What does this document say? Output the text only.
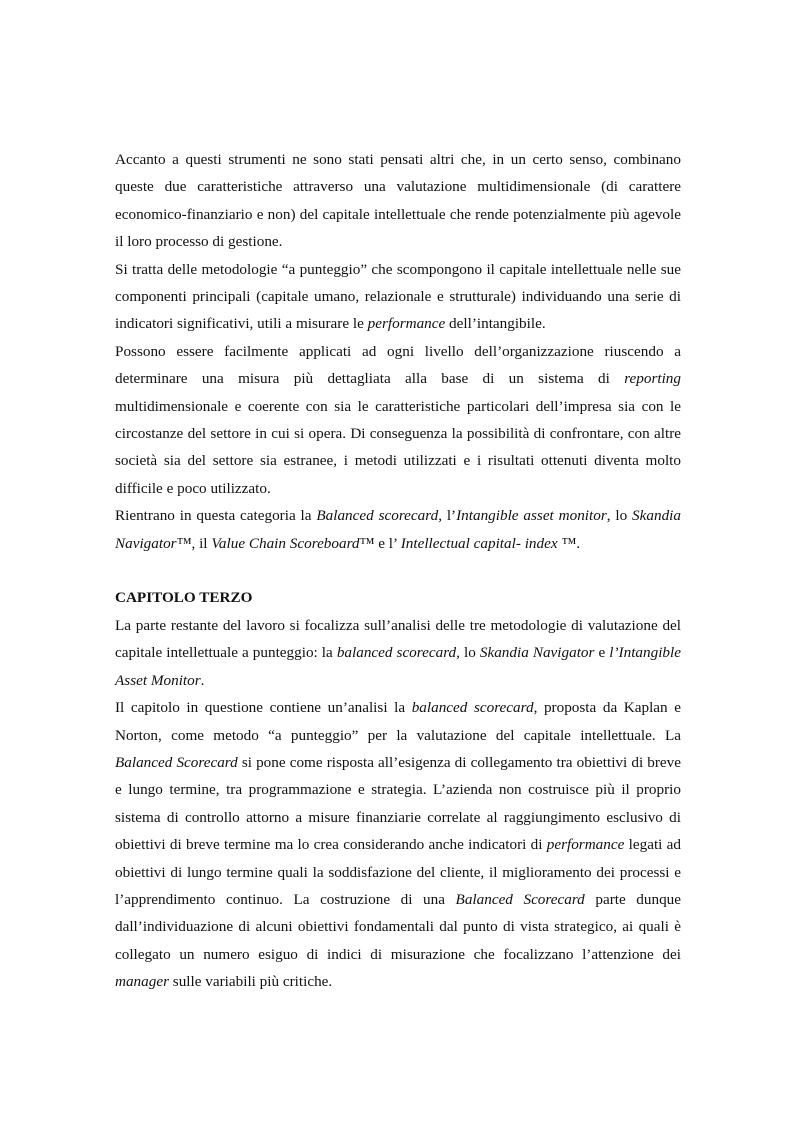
Accanto a questi strumenti ne sono stati pensati altri che, in un certo senso, combinano queste due caratteristiche attraverso una valutazione multidimensionale (di carattere economico-finanziario e non) del capitale intellettuale che rende potenzialmente più agevole il loro processo di gestione.

Si tratta delle metodologie “a punteggio” che scompongono il capitale intellettuale nelle sue componenti principali (capitale umano, relazionale e strutturale) individuando una serie di indicatori significativi, utili a misurare le performance dell’intangibile.

Possono essere facilmente applicati ad ogni livello dell’organizzazione riuscendo a determinare una misura più dettagliata alla base di un sistema di reporting multidimensionale e coerente con sia le caratteristiche particolari dell’impresa sia con le circostanze del settore in cui si opera. Di conseguenza la possibilità di confrontare, con altre società sia del settore sia estranee, i metodi utilizzati e i risultati ottenuti diventa molto difficile e poco utilizzato.

Rientrano in questa categoria la Balanced scorecard, l’Intangible asset monitor, lo Skandia Navigator™, il Value Chain Scoreboard™ e l’ Intellectual capital- index ™.

CAPITOLO TERZO

La parte restante del lavoro si focalizza sull’analisi delle tre metodologie di valutazione del capitale intellettuale a punteggio: la balanced scorecard, lo Skandia Navigator e l’Intangible Asset Monitor.

Il capitolo in questione contiene un’analisi la balanced scorecard, proposta da Kaplan e Norton, come metodo “a punteggio” per la valutazione del capitale intellettuale. La Balanced Scorecard si pone come risposta all’esigenza di collegamento tra obiettivi di breve e lungo termine, tra programmazione e strategia. L’azienda non costruisce più il proprio sistema di controllo attorno a misure finanziarie correlate al raggiungimento esclusivo di obiettivi di breve termine ma lo crea considerando anche indicatori di performance legati ad obiettivi di lungo termine quali la soddisfazione del cliente, il miglioramento dei processi e l’apprendimento continuo. La costruzione di una Balanced Scorecard parte dunque dall’individuazione di alcuni obiettivi fondamentali dal punto di vista strategico, ai quali è collegato un numero esiguo di indici di misurazione che focalizzano l’attenzione dei manager sulle variabili più critiche.
